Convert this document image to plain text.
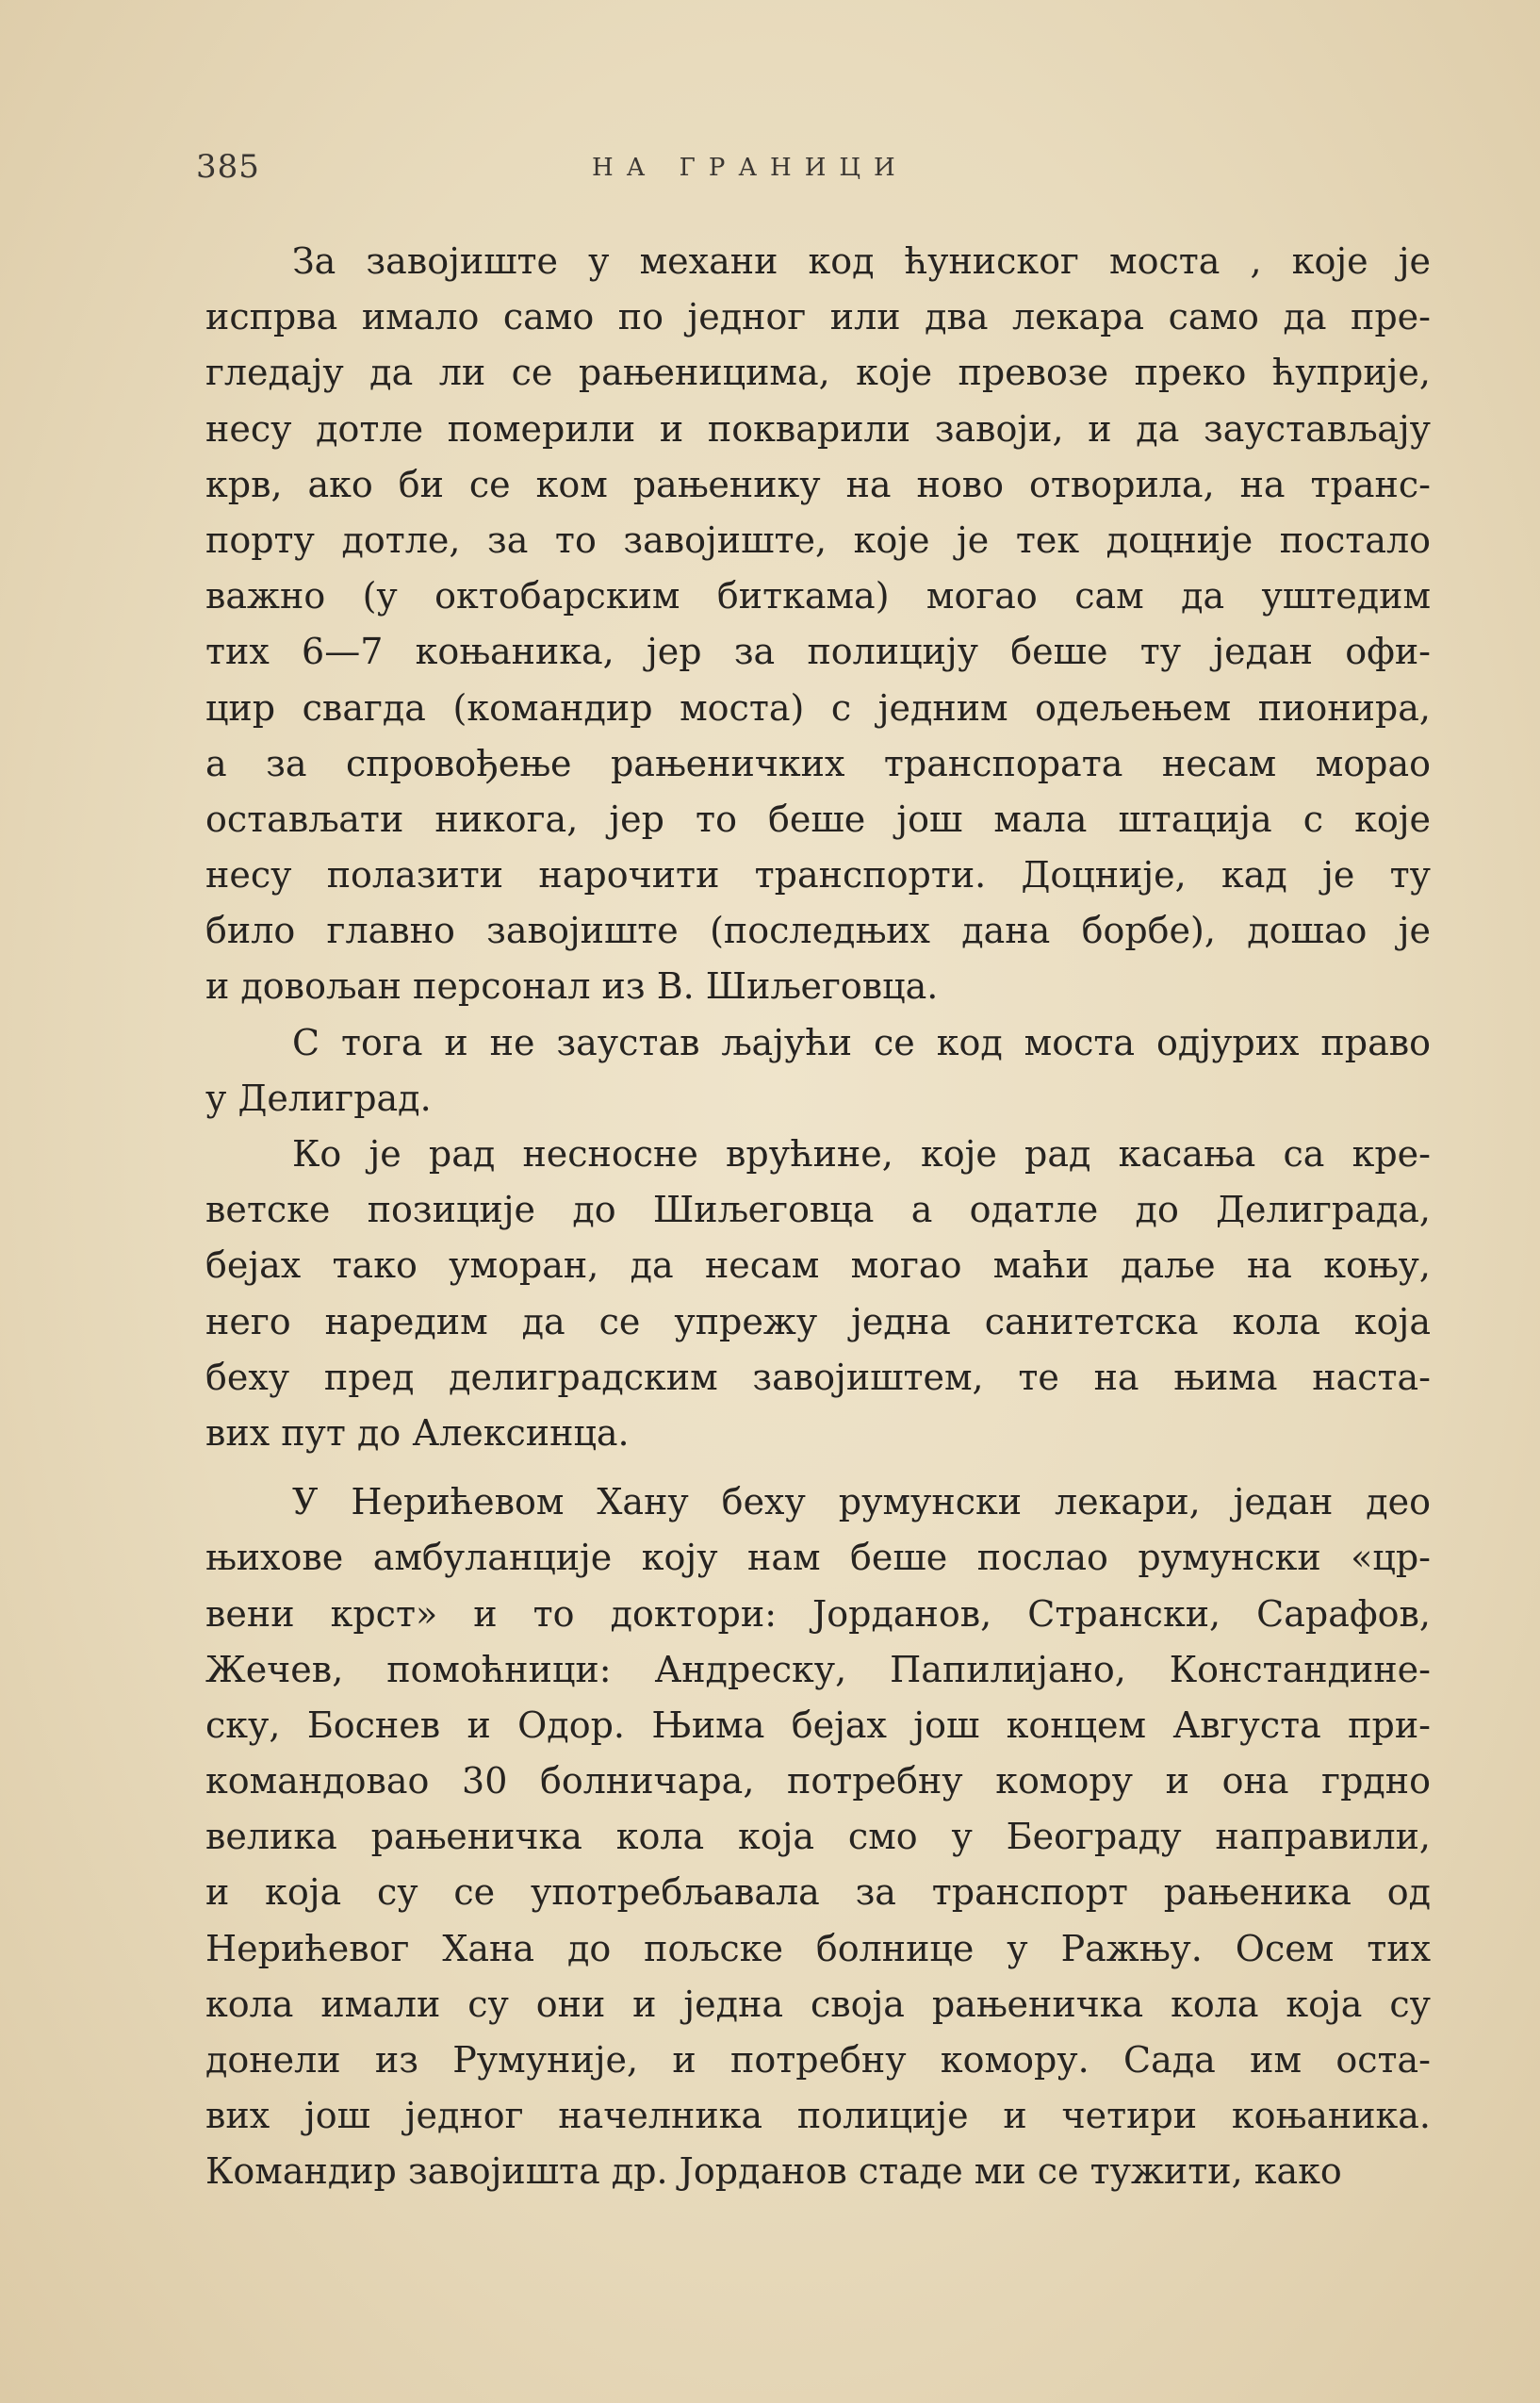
385	НА ГРАНИЦИ
За завојиште у механи код ћуниског моста , које је
испрва имало само по једног или два лекара само да пре-
гледају да ли се рањеницима, које превозе преко ћуприје,
несу дотле померили и покварили завоји, и да заустављају
крв, ако би се ком рањенику на ново отворила, на транс-
порту дотле, за то завојиште, које је тек доцније постало
важно (у октобарским биткама) могао сам да уштедим
тих 6—7 коњаника, јер за полицију беше ту један офи-
цир свагда (командир моста) с једним одељењем пионира,
а за спровођење рањеничких транспората несам морао
остављати никога, јер то беше још мала штација с које
несу полазити нарочити транспорти. Доцније, кад је ту
било главно завојиште (последњих дана борбе), дошао је
и довољан персонал из В. Шиљеговца.
С тога и не заустав љајући се код моста одјурих право
у Делиград.
Ко је рад несносне врућине, које рад касања са кре-
ветске позиције до Шиљеговца а одатле до Делиграда,
бејах тако уморан, да несам могао маћи даље на коњу,
него наредим да се упрежу једна санитетска кола која
беху пред делиградским завојиштем, те на њима наста-
вих пут до Алексинца.
У Нерићевом Хану беху румунски лекари, један део
њихове амбуланције коју нам беше послао румунски «цр-
вени крст» и то доктори: Јорданов, Странски, Сарафов,
Жечев, помоћници: Андреску, Папилијано, Констандине-
ску, Боснев и Одор. Њима бејах још концем Августа при-
командовао 30 болничара, потребну комору и она грдно
велика рањеничка кола која смо у Београду направили,
и која су се употребљавала за транспорт рањеника од
Нерићевог Хана до пољске болнице у Ражњу. Осем тих
кола имали су они и једна своја рањеничка кола која су
донели из Румуније, и потребну комору. Сада им оста-
вих још једног начелника полиције и четири коњаника.
Командир завојишта др. Јорданов стаде ми се тужити, како
